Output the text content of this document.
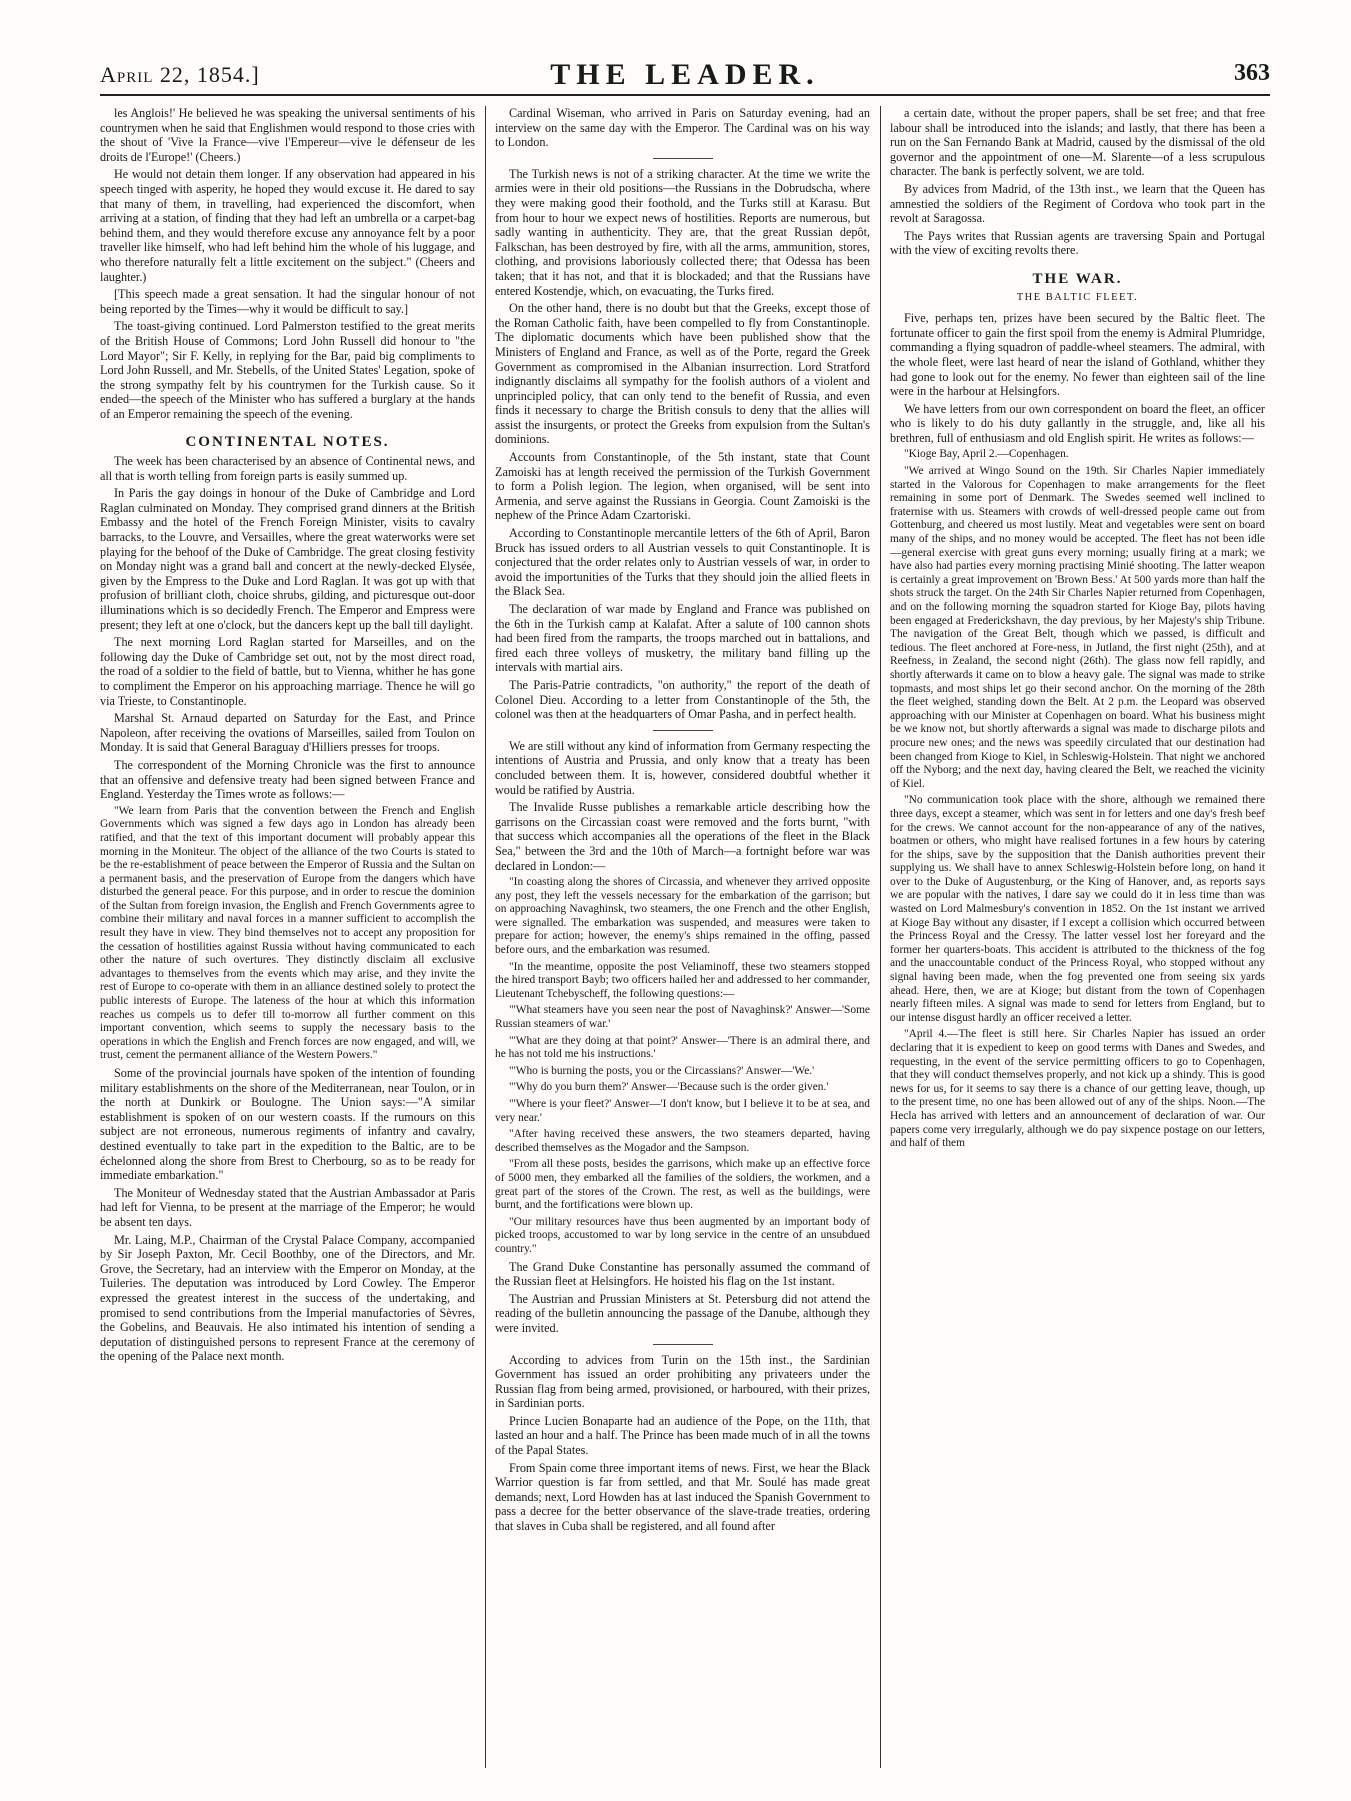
April 22, 1854.]	THE LEADER.	363

les Anglois!' He believed he was speaking the universal sentiments of his countrymen when he said that Englishmen would respond to those cries with the shout of 'Vive la France—vive l'Empereur—vive le défenseur de les droits de l'Europe!' (Cheers.)

He would not detain them longer. If any observation had appeared in his speech tinged with asperity, he hoped they would excuse it. He dared to say that many of them, in travelling, had experienced the discomfort, when arriving at a station, of finding that they had left an umbrella or a carpet-bag behind them, and they would therefore excuse any annoyance felt by a poor traveller like himself, who had left behind him the whole of his luggage, and who therefore naturally felt a little excitement on the subject." (Cheers and laughter.)

[This speech made a great sensation. It had the singular honour of not being reported by the Times—why it would be difficult to say.]

The toast-giving continued. Lord Palmerston testified to the great merits of the British House of Commons; Lord John Russell did honour to "the Lord Mayor"; Sir F. Kelly, in replying for the Bar, paid big compliments to Lord John Russell, and Mr. Stebells, of the United States' Legation, spoke of the strong sympathy felt by his countrymen for the Turkish cause. So it ended—the speech of the Minister who has suffered a burglary at the hands of an Emperor remaining the speech of the evening.

CONTINENTAL NOTES.

The week has been characterised by an absence of Continental news, and all that is worth telling from foreign parts is easily summed up.

In Paris the gay doings in honour of the Duke of Cambridge and Lord Raglan culminated on Monday. They comprised grand dinners at the British Embassy and the hotel of the French Foreign Minister, visits to cavalry barracks, to the Louvre, and Versailles, where the great waterworks were set playing for the behoof of the Duke of Cambridge. The great closing festivity on Monday night was a grand ball and concert at the newly-decked Elysée, given by the Empress to the Duke and Lord Raglan. It was got up with that profusion of brilliant cloth, choice shrubs, gilding, and picturesque out-door illuminations which is so decidedly French. The Emperor and Empress were present; they left at one o'clock, but the dancers kept up the ball till daylight.

The next morning Lord Raglan started for Marseilles, and on the following day the Duke of Cambridge set out, not by the most direct road, the road of a soldier to the field of battle, but to Vienna, whither he has gone to compliment the Emperor on his approaching marriage. Thence he will go via Trieste, to Constantinople.

Marshal St. Arnaud departed on Saturday for the East, and Prince Napoleon, after receiving the ovations of Marseilles, sailed from Toulon on Monday. It is said that General Baraguay d'Hilliers presses for troops.

The correspondent of the Morning Chronicle was the first to announce that an offensive and defensive treaty had been signed between France and England. Yesterday the Times wrote as follows:—

"We learn from Paris that the convention between the French and English Governments which was signed a few days ago in London has already been ratified, and that the text of this important document will probably appear this morning in the Moniteur. The object of the alliance of the two Courts is stated to be the re-establishment of peace between the Emperor of Russia and the Sultan on a permanent basis, and the preservation of Europe from the dangers which have disturbed the general peace. For this purpose, and in order to rescue the dominion of the Sultan from foreign invasion, the English and French Governments agree to combine their military and naval forces in a manner sufficient to accomplish the result they have in view. They bind themselves not to accept any proposition for the cessation of hostilities against Russia without having communicated to each other the nature of such overtures. They distinctly disclaim all exclusive advantages to themselves from the events which may arise, and they invite the rest of Europe to co-operate with them in an alliance destined solely to protect the public interests of Europe. The lateness of the hour at which this information reaches us compels us to defer till to-morrow all further comment on this important convention, which seems to supply the necessary basis to the operations in which the English and French forces are now engaged, and will, we trust, cement the permanent alliance of the Western Powers."

Some of the provincial journals have spoken of the intention of founding military establishments on the shore of the Mediterranean, near Toulon, or in the north at Dunkirk or Boulogne. The Union says:—"A similar establishment is spoken of on our western coasts. If the rumours on this subject are not erroneous, numerous regiments of infantry and cavalry, destined eventually to take part in the expedition to the Baltic, are to be échelonned along the shore from Brest to Cherbourg, so as to be ready for immediate embarkation."

The Moniteur of Wednesday stated that the Austrian Ambassador at Paris had left for Vienna, to be present at the marriage of the Emperor; he would be absent ten days.

Mr. Laing, M.P., Chairman of the Crystal Palace Company, accompanied by Sir Joseph Paxton, Mr. Cecil Boothby, one of the Directors, and Mr. Grove, the Secretary, had an interview with the Emperor on Monday, at the Tuileries. The deputation was introduced by Lord Cowley. The Emperor expressed the greatest interest in the success of the undertaking, and promised to send contributions from the Imperial manufactories of Sèvres, the Gobelins, and Beauvais. He also intimated his intention of sending a deputation of distinguished persons to represent France at the ceremony of the opening of the Palace next month.

Cardinal Wiseman, who arrived in Paris on Saturday evening, had an interview on the same day with the Emperor. The Cardinal was on his way to London.

The Turkish news is not of a striking character. At the time we write the armies were in their old positions—the Russians in the Dobrudscha, where they were making good their foothold, and the Turks still at Karasu. But from hour to hour we expect news of hostilities. Reports are numerous, but sadly wanting in authenticity. They are, that the great Russian depôt, Falkschan, has been destroyed by fire, with all the arms, ammunition, stores, clothing, and provisions laboriously collected there; that Odessa has been taken; that it has not, and that it is blockaded; and that the Russians have entered Kostendje, which, on evacuating, the Turks fired.

On the other hand, there is no doubt but that the Greeks, except those of the Roman Catholic faith, have been compelled to fly from Constantinople. The diplomatic documents which have been published show that the Ministers of England and France, as well as of the Porte, regard the Greek Government as compromised in the Albanian insurrection. Lord Stratford indignantly disclaims all sympathy for the foolish authors of a violent and unprincipled policy, that can only tend to the benefit of Russia, and even finds it necessary to charge the British consuls to deny that the allies will assist the insurgents, or protect the Greeks from expulsion from the Sultan's dominions.

Accounts from Constantinople, of the 5th instant, state that Count Zamoiski has at length received the permission of the Turkish Government to form a Polish legion. The legion, when organised, will be sent into Armenia, and serve against the Russians in Georgia. Count Zamoiski is the nephew of the Prince Adam Czartoriski.

According to Constantinople mercantile letters of the 6th of April, Baron Bruck has issued orders to all Austrian vessels to quit Constantinople. It is conjectured that the order relates only to Austrian vessels of war, in order to avoid the importunities of the Turks that they should join the allied fleets in the Black Sea.

The declaration of war made by England and France was published on the 6th in the Turkish camp at Kalafat. After a salute of 100 cannon shots had been fired from the ramparts, the troops marched out in battalions, and fired each three volleys of musketry, the military band filling up the intervals with martial airs.

The Paris-Patrie contradicts, "on authority," the report of the death of Colonel Dieu. According to a letter from Constantinople of the 5th, the colonel was then at the headquarters of Omar Pasha, and in perfect health.

We are still without any kind of information from Germany respecting the intentions of Austria and Prussia, and only know that a treaty has been concluded between them. It is, however, considered doubtful whether it would be ratified by Austria.

The Invalide Russe publishes a remarkable article describing how the garrisons on the Circassian coast were removed and the forts burnt, "with that success which accompanies all the operations of the fleet in the Black Sea," between the 3rd and the 10th of March—a fortnight before war was declared in London:—

"In coasting along the shores of Circassia, and whenever they arrived opposite any post, they left the vessels necessary for the embarkation of the garrison; but on approaching Navaghinsk, two steamers, the one French and the other English, were signalled. The embarkation was suspended, and measures were taken to prepare for action; however, the enemy's ships remained in the offing, passed before ours, and the embarkation was resumed.

"In the meantime, opposite the post Veliaminoff, these two steamers stopped the hired transport Bayb; two officers hailed her and addressed to her commander, Lieutenant Tchebyscheff, the following questions:—

"'What steamers have you seen near the post of Navaghinsk?' Answer—'Some Russian steamers of war.'

"'What are they doing at that point?' Answer—'There is an admiral there, and he has not told me his instructions.'

"'Who is burning the posts, you or the Circassians?' Answer—'We.'

"'Why do you burn them?' Answer—'Because such is the order given.'

"'Where is your fleet?' Answer—'I don't know, but I believe it to be at sea, and very near.'

"After having received these answers, the two steamers departed, having described themselves as the Mogador and the Sampson.

"From all these posts, besides the garrisons, which make up an effective force of 5000 men, they embarked all the families of the soldiers, the workmen, and a great part of the stores of the Crown. The rest, as well as the buildings, were burnt, and the fortifications were blown up.

"Our military resources have thus been augmented by an important body of picked troops, accustomed to war by long service in the centre of an unsubdued country."

The Grand Duke Constantine has personally assumed the command of the Russian fleet at Helsingfors. He hoisted his flag on the 1st instant.

The Austrian and Prussian Ministers at St. Petersburg did not attend the reading of the bulletin announcing the passage of the Danube, although they were invited.

According to advices from Turin on the 15th inst., the Sardinian Government has issued an order prohibiting any privateers under the Russian flag from being armed, provisioned, or harboured, with their prizes, in Sardinian ports.

Prince Lucien Bonaparte had an audience of the Pope, on the 11th, that lasted an hour and a half. The Prince has been made much of in all the towns of the Papal States.

From Spain come three important items of news. First, we hear the Black Warrior question is far from settled, and that Mr. Soulé has made great demands; next, Lord Howden has at last induced the Spanish Government to pass a decree for the better observance of the slave-trade treaties, ordering that slaves in Cuba shall be registered, and all found after

a certain date, without the proper papers, shall be set free; and that free labour shall be introduced into the islands; and lastly, that there has been a run on the San Fernando Bank at Madrid, caused by the dismissal of the old governor and the appointment of one—M. Slarente—of a less scrupulous character. The bank is perfectly solvent, we are told.

By advices from Madrid, of the 13th inst., we learn that the Queen has amnestied the soldiers of the Regiment of Cordova who took part in the revolt at Saragossa.

The Pays writes that Russian agents are traversing Spain and Portugal with the view of exciting revolts there.

THE WAR.
THE BALTIC FLEET.

Five, perhaps ten, prizes have been secured by the Baltic fleet. The fortunate officer to gain the first spoil from the enemy is Admiral Plumridge, commanding a flying squadron of paddle-wheel steamers. The admiral, with the whole fleet, were last heard of near the island of Gothland, whither they had gone to look out for the enemy. No fewer than eighteen sail of the line were in the harbour at Helsingfors.

We have letters from our own correspondent on board the fleet, an officer who is likely to do his duty gallantly in the struggle, and, like all his brethren, full of enthusiasm and old English spirit. He writes as follows:—

"Kioge Bay, April 2.—Copenhagen.

"We arrived at Wingo Sound on the 19th. Sir Charles Napier immediately started in the Valorous for Copenhagen to make arrangements for the fleet remaining in some port of Denmark. The Swedes seemed well inclined to fraternise with us. Steamers with crowds of well-dressed people came out from Gottenburg, and cheered us most lustily. Meat and vegetables were sent on board many of the ships, and no money would be accepted. The fleet has not been idle—general exercise with great guns every morning; usually firing at a mark; we have also had parties every morning practising Minié shooting. The latter weapon is certainly a great improvement on 'Brown Bess.' At 500 yards more than half the shots struck the target. On the 24th Sir Charles Napier returned from Copenhagen, and on the following morning the squadron started for Kioge Bay, pilots having been engaged at Frederickshavn, the day previous, by her Majesty's ship Tribune. The navigation of the Great Belt, though which we passed, is difficult and tedious. The fleet anchored at Fore-ness, in Jutland, the first night (25th), and at Reefness, in Zealand, the second night (26th). The glass now fell rapidly, and shortly afterwards it came on to blow a heavy gale. The signal was made to strike topmasts, and most ships let go their second anchor. On the morning of the 28th the fleet weighed, standing down the Belt. At 2 p.m. the Leopard was observed approaching with our Minister at Copenhagen on board. What his business might be we know not, but shortly afterwards a signal was made to discharge pilots and procure new ones; and the news was speedily circulated that our destination had been changed from Kioge to Kiel, in Schleswig-Holstein. That night we anchored off the Nyborg; and the next day, having cleared the Belt, we reached the vicinity of Kiel.

"No communication took place with the shore, although we remained there three days, except a steamer, which was sent in for letters and one day's fresh beef for the crews. We cannot account for the non-appearance of any of the natives, boatmen or others, who might have realised fortunes in a few hours by catering for the ships, save by the supposition that the Danish authorities prevent their supplying us. We shall have to annex Schleswig-Holstein before long, on hand it over to the Duke of Augustenburg, or the King of Hanover, and, as reports says we are popular with the natives, I dare say we could do it in less time than was wasted on Lord Malmesbury's convention in 1852. On the 1st instant we arrived at Kioge Bay without any disaster, if I except a collision which occurred between the Princess Royal and the Cressy. The latter vessel lost her foreyard and the former her quarters-boats. This accident is attributed to the thickness of the fog and the unaccountable conduct of the Princess Royal, who stopped without any signal having been made, when the fog prevented one from seeing six yards ahead. Here, then, we are at Kioge; but distant from the town of Copenhagen nearly fifteen miles. A signal was made to send for letters from England, but to our intense disgust hardly an officer received a letter.

"April 4.—The fleet is still here. Sir Charles Napier has issued an order declaring that it is expedient to keep on good terms with Danes and Swedes, and requesting, in the event of the service permitting officers to go to Copenhagen, that they will conduct themselves properly, and not kick up a shindy. This is good news for us, for it seems to say there is a chance of our getting leave, though, up to the present time, no one has been allowed out of any of the ships. Noon.—The Hecla has arrived with letters and an announcement of declaration of war. Our papers come very irregularly, although we do pay sixpence postage on our letters, and half of them
